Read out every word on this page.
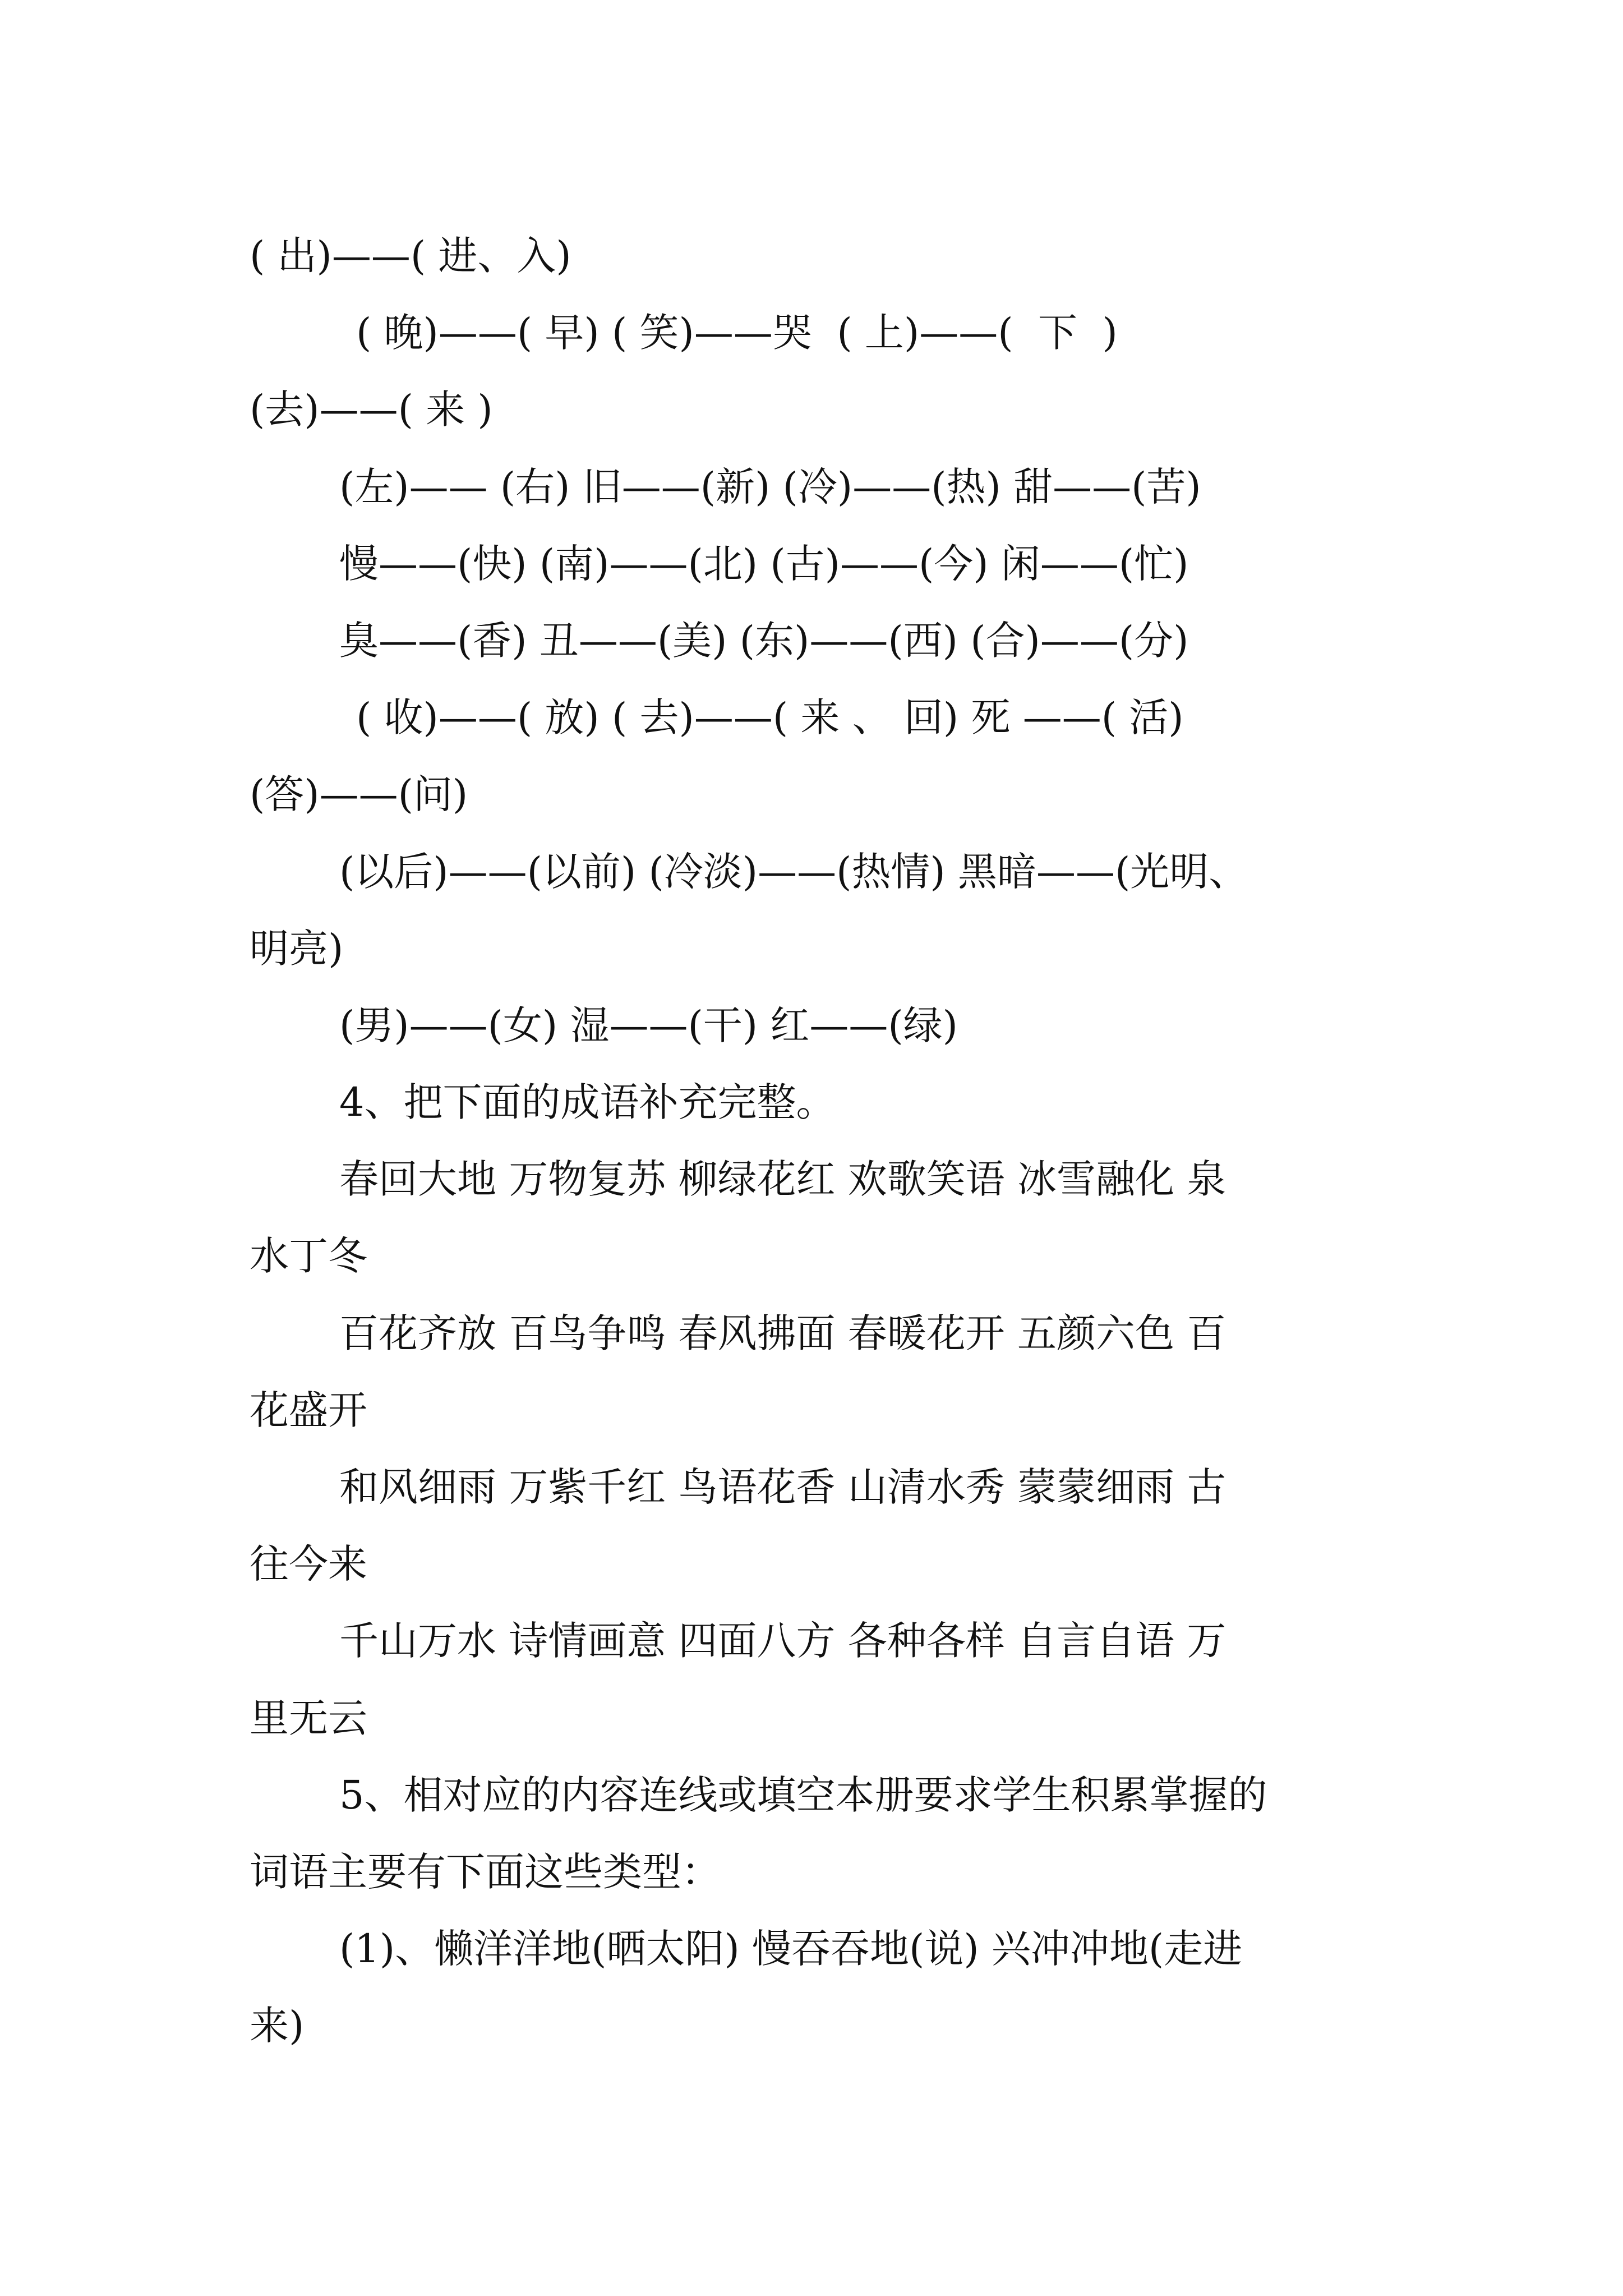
( 出)——( 进、入)
( 晚)——( 早) ( 笑)——哭  ( 上)——(  下  )
(去)——( 来 )
(左)—— (右) 旧——(新) (冷)——(热) 甜——(苦)
慢——(快) (南)——(北) (古)——(今) 闲——(忙)
臭——(香) 丑——(美) (东)——(西) (合)——(分)
( 收)——( 放) ( 去)——( 来 、 回) 死 ——( 活)
(答)——(问)
(以后)——(以前) (冷淡)——(热情) 黑暗——(光明、
明亮)
(男)——(女) 湿——(干) 红——(绿)
4、把下面的成语补充完整。
春回大地 万物复苏 柳绿花红 欢歌笑语 冰雪融化 泉
水丁冬
百花齐放 百鸟争鸣 春风拂面 春暖花开 五颜六色 百
花盛开
和风细雨 万紫千红 鸟语花香 山清水秀 蒙蒙细雨 古
往今来
千山万水 诗情画意 四面八方 各种各样 自言自语 万
里无云
5、相对应的内容连线或填空本册要求学生积累掌握的
词语主要有下面这些类型：
(1)、懒洋洋地(晒太阳) 慢吞吞地(说) 兴冲冲地(走进
来)
